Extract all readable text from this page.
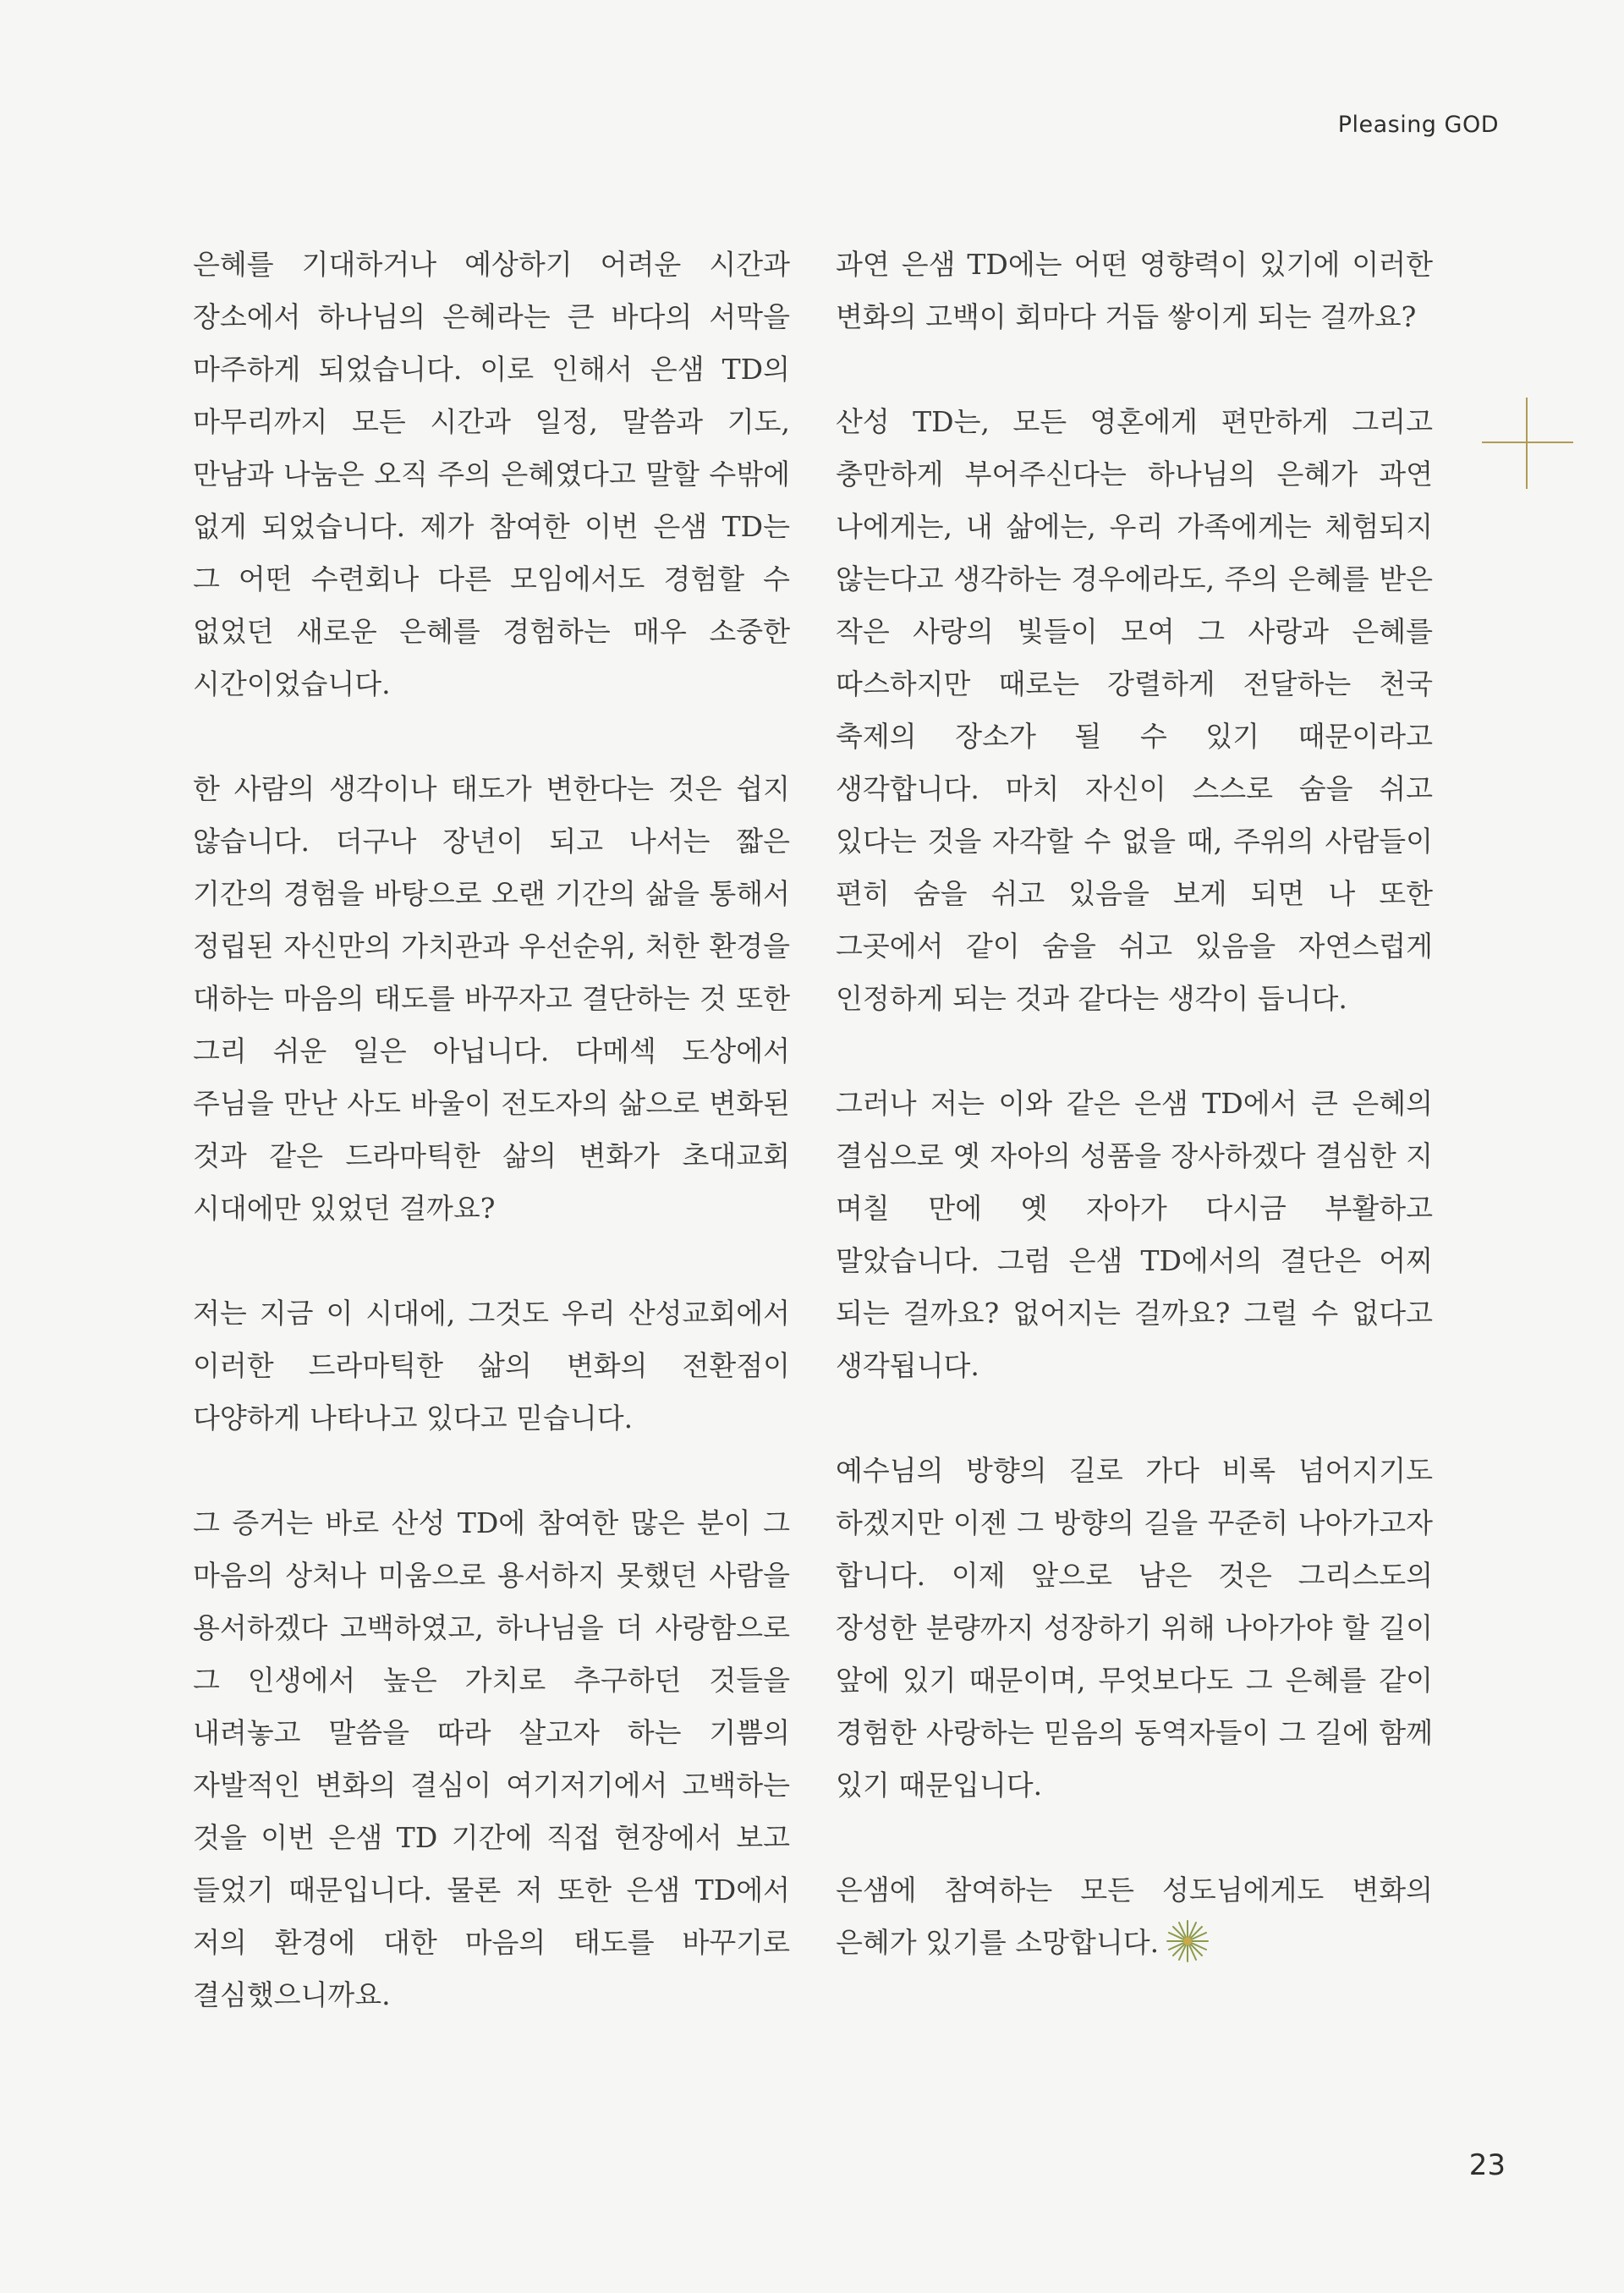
Pleasing GOD

은혜를 기대하거나 예상하기 어려운 시간과 장소에서 하나님의 은혜라는 큰 바다의 서막을 마주하게 되었습니다. 이로 인해서 은샘 TD의 마무리까지 모든 시간과 일정, 말씀과 기도, 만남과 나눔은 오직 주의 은혜였다고 말할 수밖에 없게 되었습니다. 제가 참여한 이번 은샘 TD는 그 어떤 수련회나 다른 모임에서도 경험할 수 없었던 새로운 은혜를 경험하는 매우 소중한 시간이었습니다.

한 사람의 생각이나 태도가 변한다는 것은 쉽지 않습니다. 더구나 장년이 되고 나서는 짧은 기간의 경험을 바탕으로 오랜 기간의 삶을 통해서 정립된 자신만의 가치관과 우선순위, 처한 환경을 대하는 마음의 태도를 바꾸자고 결단하는 것 또한 그리 쉬운 일은 아닙니다. 다메섹 도상에서 주님을 만난 사도 바울이 전도자의 삶으로 변화된 것과 같은 드라마틱한 삶의 변화가 초대교회 시대에만 있었던 걸까요?

저는 지금 이 시대에, 그것도 우리 산성교회에서 이러한 드라마틱한 삶의 변화의 전환점이 다양하게 나타나고 있다고 믿습니다.

그 증거는 바로 산성 TD에 참여한 많은 분이 그 마음의 상처나 미움으로 용서하지 못했던 사람을 용서하겠다 고백하였고, 하나님을 더 사랑함으로 그 인생에서 높은 가치로 추구하던 것들을 내려놓고 말씀을 따라 살고자 하는 기쁨의 자발적인 변화의 결심이 여기저기에서 고백하는 것을 이번 은샘 TD 기간에 직접 현장에서 보고 들었기 때문입니다. 물론 저 또한 은샘 TD에서 저의 환경에 대한 마음의 태도를 바꾸기로 결심했으니까요.

과연 은샘 TD에는 어떤 영향력이 있기에 이러한 변화의 고백이 회마다 거듭 쌓이게 되는 걸까요?

산성 TD는, 모든 영혼에게 편만하게 그리고 충만하게 부어주신다는 하나님의 은혜가 과연 나에게는, 내 삶에는, 우리 가족에게는 체험되지 않는다고 생각하는 경우에라도, 주의 은혜를 받은 작은 사랑의 빛들이 모여 그 사랑과 은혜를 따스하지만 때로는 강렬하게 전달하는 천국 축제의 장소가 될 수 있기 때문이라고 생각합니다. 마치 자신이 스스로 숨을 쉬고 있다는 것을 자각할 수 없을 때, 주위의 사람들이 편히 숨을 쉬고 있음을 보게 되면 나 또한 그곳에서 같이 숨을 쉬고 있음을 자연스럽게 인정하게 되는 것과 같다는 생각이 듭니다.

그러나 저는 이와 같은 은샘 TD에서 큰 은혜의 결심으로 옛 자아의 성품을 장사하겠다 결심한 지 며칠 만에 옛 자아가 다시금 부활하고 말았습니다. 그럼 은샘 TD에서의 결단은 어찌 되는 걸까요? 없어지는 걸까요? 그럴 수 없다고 생각됩니다.

예수님의 방향의 길로 가다 비록 넘어지기도 하겠지만 이젠 그 방향의 길을 꾸준히 나아가고자 합니다. 이제 앞으로 남은 것은 그리스도의 장성한 분량까지 성장하기 위해 나아가야 할 길이 앞에 있기 때문이며, 무엇보다도 그 은혜를 같이 경험한 사랑하는 믿음의 동역자들이 그 길에 함께 있기 때문입니다.

은샘에 참여하는 모든 성도님에게도 변화의 은혜가 있기를 소망합니다.

23
